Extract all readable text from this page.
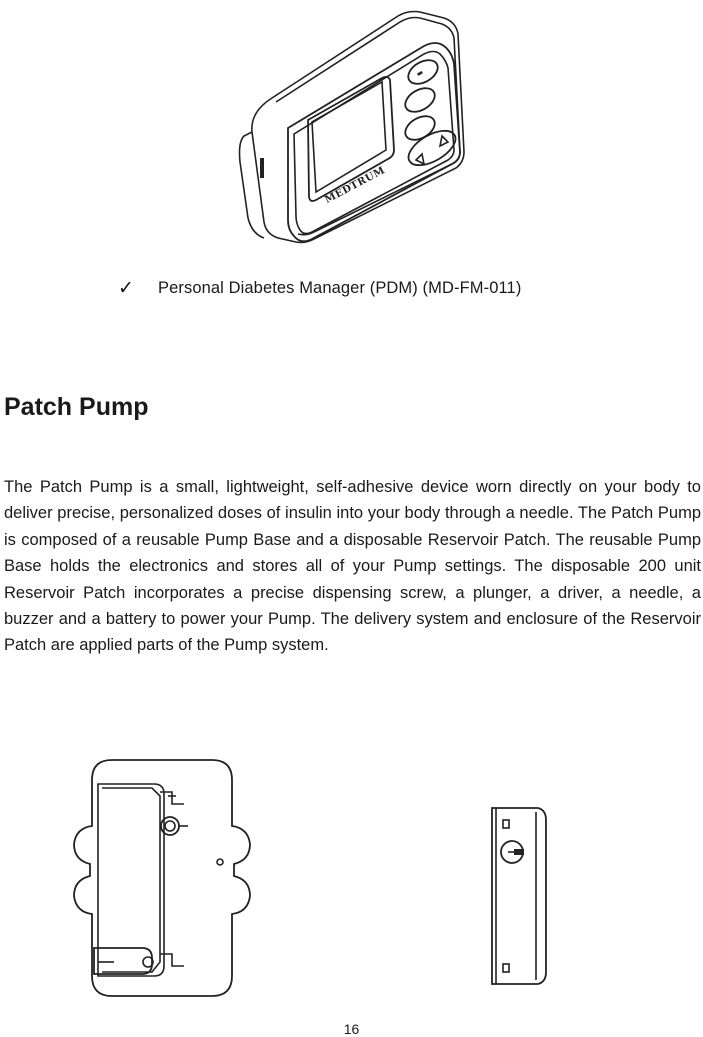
▬
MEDTRUM
✓	Personal Diabetes Manager (PDM) (MD-FM-011)
Patch Pump

The Patch Pump is a small, lightweight, self-adhesive device worn directly on your body to deliver precise, personalized doses of insulin into your body through a needle. The Patch Pump is composed of a reusable Pump Base and a disposable Reservoir Patch. The reusable Pump Base holds the electronics and stores all of your Pump settings. The disposable 200 unit Reservoir Patch incorporates a precise dispensing screw, a plunger, a driver, a needle, a buzzer and a battery to power your Pump. The delivery system and enclosure of the Reservoir Patch are applied parts of the Pump system.

16
